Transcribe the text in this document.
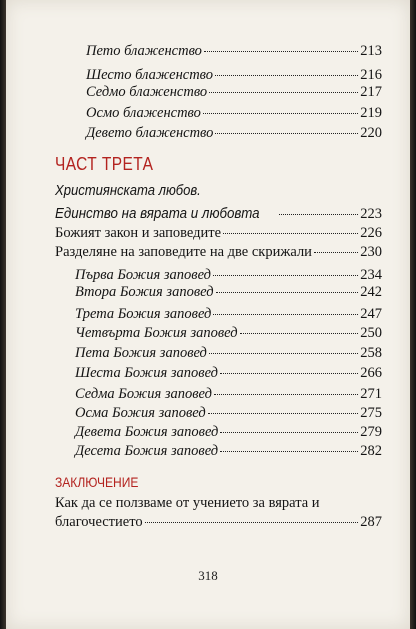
Пето блаженство	213
Шесто блаженство	216
Седмо блаженство	217
Осмо блаженство	219
Девето блаженство	220
ЧАСТ ТРЕТА
Християнската любов.
Единство на вярата и любовта	223
Божият закон и заповедите	226
Разделяне на заповедите на две скрижали	230
Първа Божия заповед	234
Втора Божия заповед	242
Трета Божия заповед	247
Четвърта Божия заповед	250
Пета Божия заповед	258
Шеста Божия заповед	266
Седма Божия заповед	271
Осма Божия заповед	275
Девета Божия заповед	279
Десета Божия заповед	282
ЗАКЛЮЧЕНИЕ
Как да се ползваме от учението за вярата и
благочестието	287
318
